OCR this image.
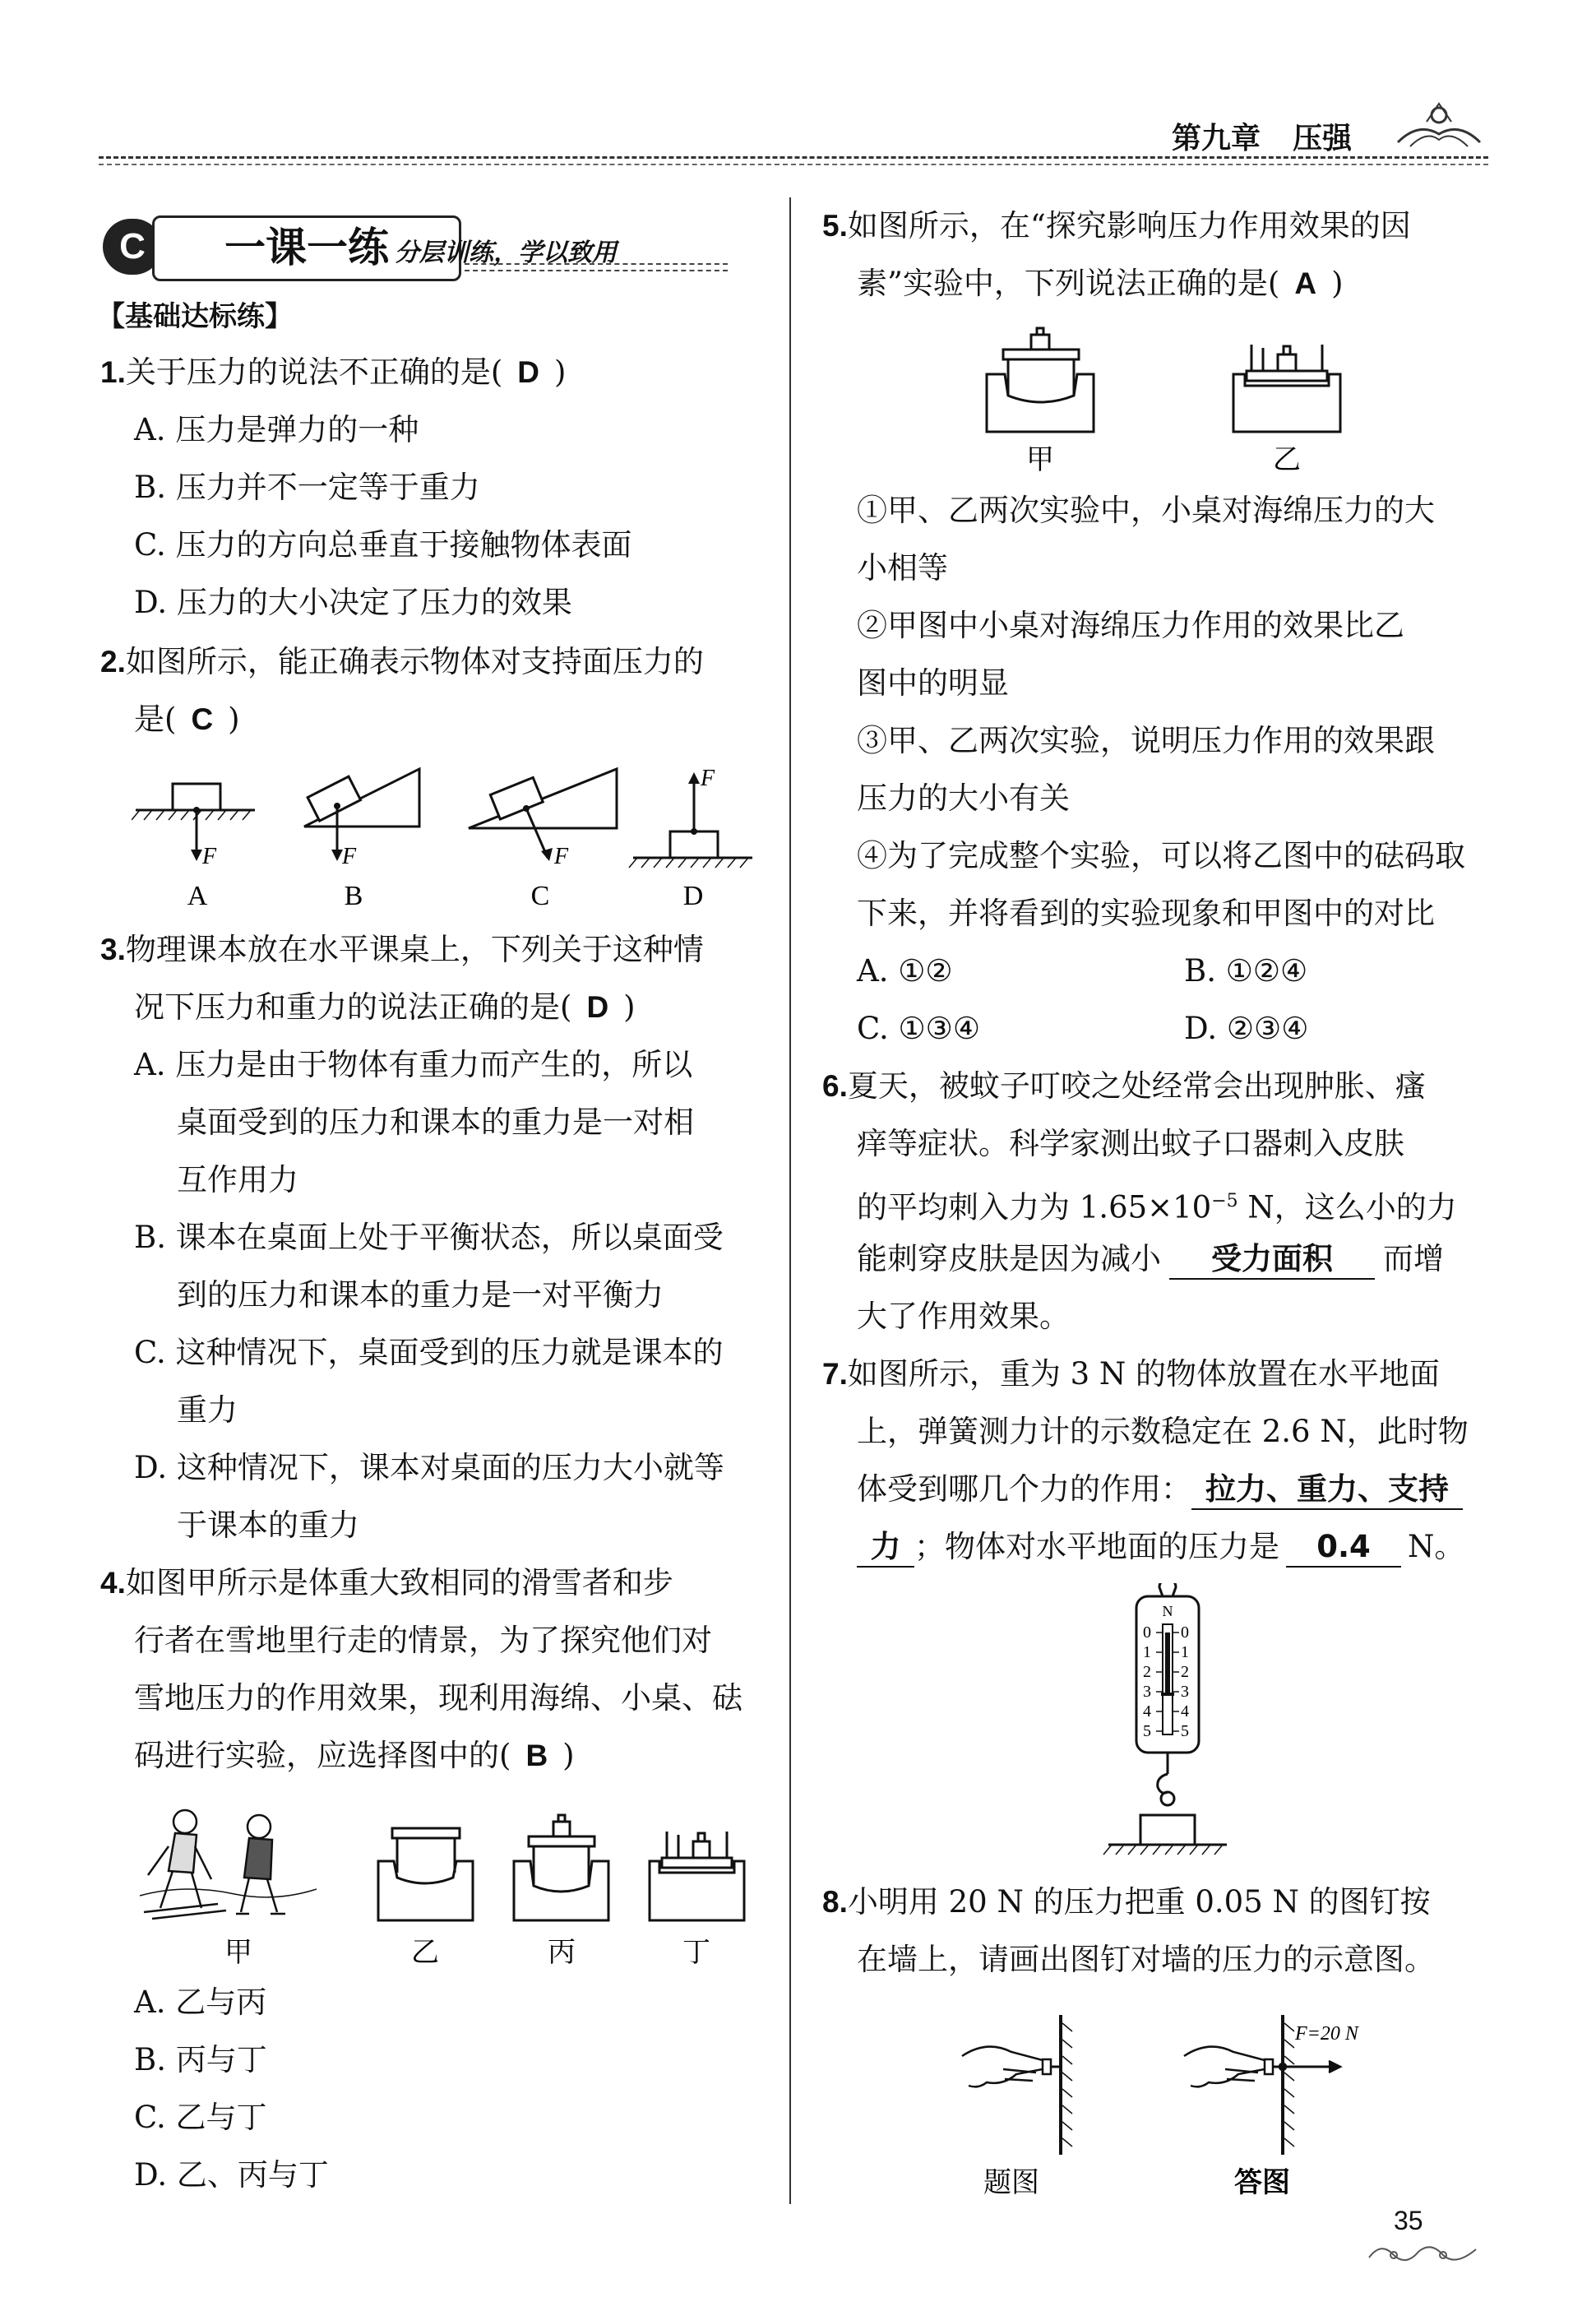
第九章 压强
C	一课一练 分层训练，学以致用
【基础达标练】
1.关于压力的说法不正确的是( D )
A. 压力是弹力的一种
B. 压力并不一定等于重力
C. 压力的方向总垂直于接触物体表面
D. 压力的大小决定了压力的效果
2.如图所示，能正确表示物体对支持面压力的
是( C )
F	F	F
F
A	B	C	D
3.物理课本放在水平课桌上，下列关于这种情
况下压力和重力的说法正确的是( D )
A. 压力是由于物体有重力而产生的，所以
桌面受到的压力和课本的重力是一对相
互作用力
B. 课本在桌面上处于平衡状态，所以桌面受
到的压力和课本的重力是一对平衡力
C. 这种情况下，桌面受到的压力就是课本的
重力
D. 这种情况下，课本对桌面的压力大小就等
于课本的重力
4.如图甲所示是体重大致相同的滑雪者和步
行者在雪地里行走的情景，为了探究他们对
雪地压力的作用效果，现利用海绵、小桌、砝
码进行实验，应选择图中的( B )
甲	乙	丙	丁
A. 乙与丙
B. 丙与丁
C. 乙与丁
D. 乙、丙与丁
5.如图所示，在“探究影响压力作用效果的因
素”实验中，下列说法正确的是( A )
甲	乙
①甲、乙两次实验中，小桌对海绵压力的大
小相等
②甲图中小桌对海绵压力作用的效果比乙
图中的明显
③甲、乙两次实验，说明压力作用的效果跟
压力的大小有关
④为了完成整个实验，可以将乙图中的砝码取
下来，并将看到的实验现象和甲图中的对比
A. ①②	B. ①②④
C. ①③④	D. ②③④
6.夏天，被蚊子叮咬之处经常会出现肿胀、瘙
痒等症状。科学家测出蚊子口器刺入皮肤
的平均刺入力为 $1.65\times 10^{-5}$ N，这么小的力
能刺穿皮肤是因为减小 受力面积 而增
大了作用效果。
7.如图所示，重为 3 N 的物体放置在水平地面
上，弹簧测力计的示数稳定在 2.6 N，此时物
体受到哪几个力的作用： 拉力、重力、支持
力 ；物体对水平地面的压力是 0.4 N。
N
0 0
1 1
2 2
3 3
4 4
5 5
8.小明用 20 N 的压力把重 0.05 N 的图钉按
在墙上，请画出图钉对墙的压力的示意图。
F=20 N
题图	答图
35
